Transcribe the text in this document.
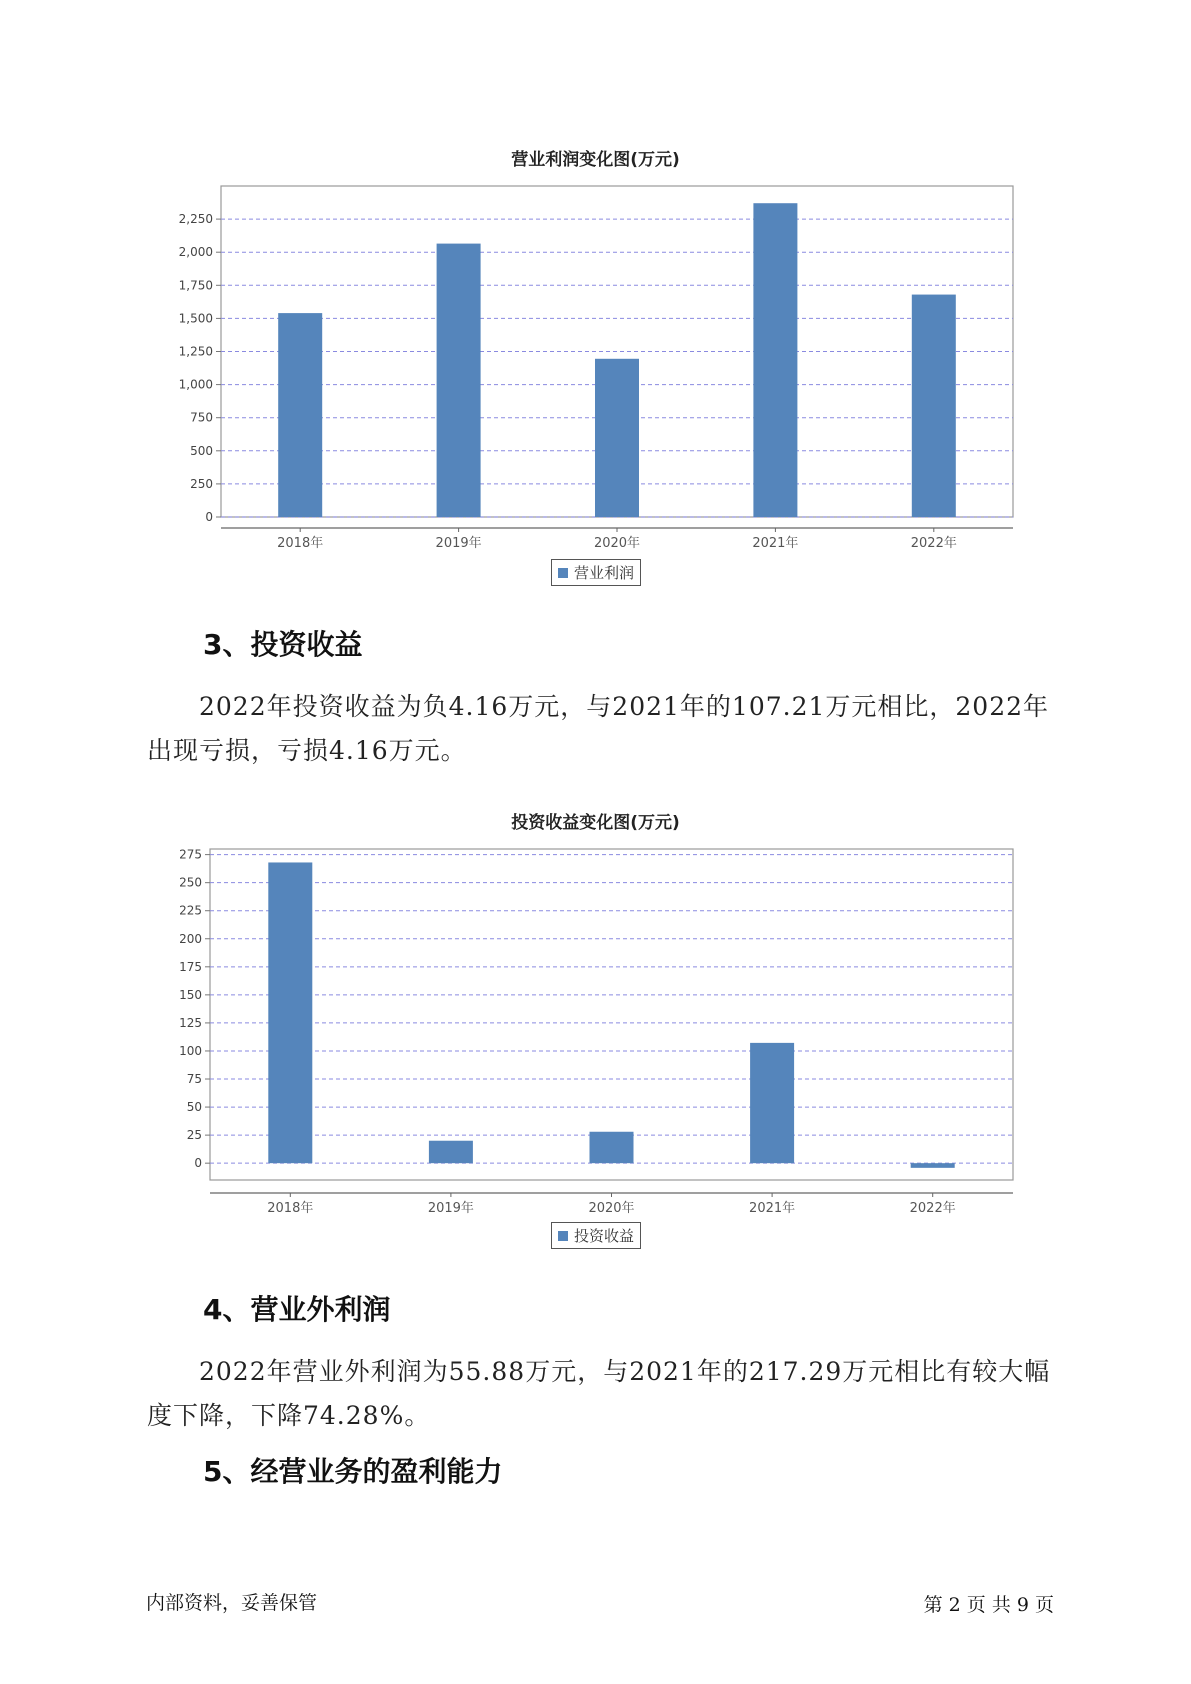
营业利润变化图(万元)
0
250
500
750
1,000
1,250
1,500
1,750
2,000
2,250
2018年	2019年	2020年	2021年	2022年
营业利润
3、投资收益
2022年投资收益为负4.16万元，与2021年的107.21万元相比，2022年出现亏损，亏损4.16万元。
投资收益变化图(万元)
0
25
50
75
100
125
150
175
200
225
250
275
2018年	2019年	2020年	2021年	2022年
投资收益
4、营业外利润
2022年营业外利润为55.88万元，与2021年的217.29万元相比有较大幅度下降，下降74.28%。
5、经营业务的盈利能力
内部资料，妥善保管	第 2 页 共 9 页
